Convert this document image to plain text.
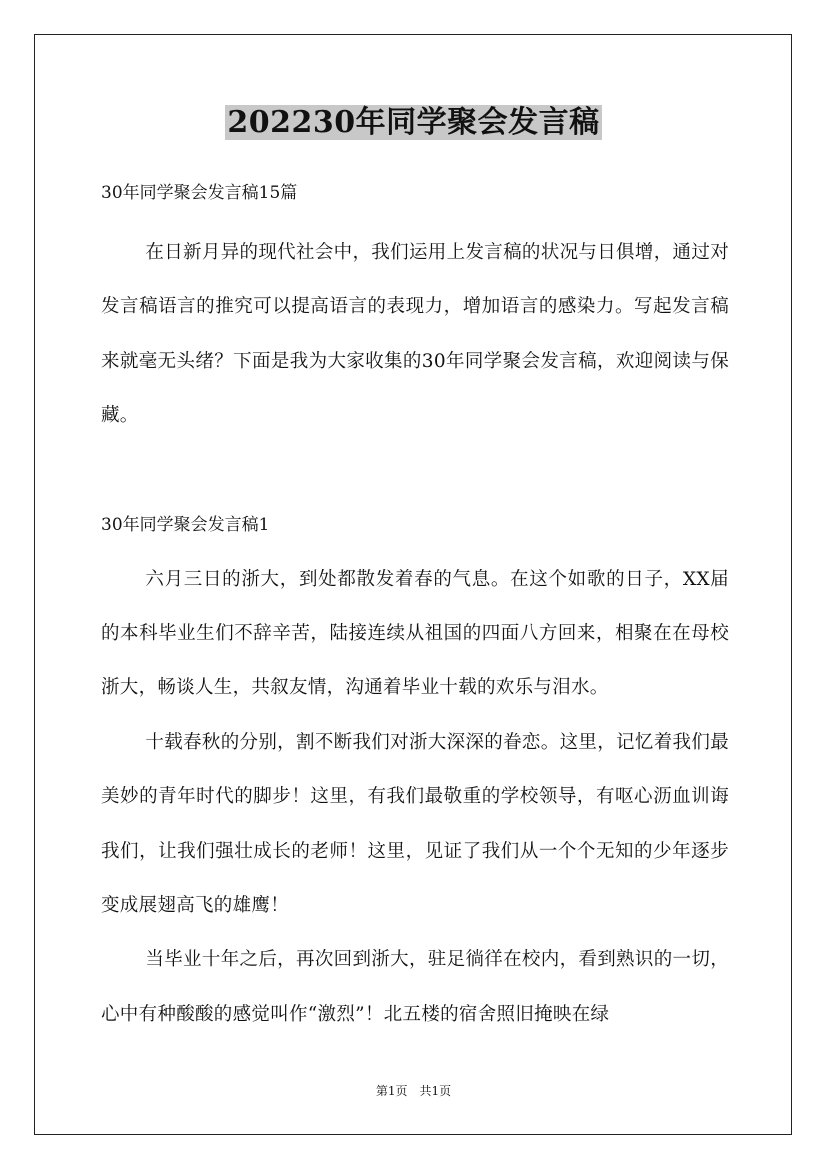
202230年同学聚会发言稿

30年同学聚会发言稿15篇

在日新月异的现代社会中，我们运用上发言稿的状况与日俱增，通过对发言稿语言的推究可以提高语言的表现力，增加语言的感染力。写起发言稿来就毫无头绪？下面是我为大家收集的30年同学聚会发言稿，欢迎阅读与保藏。

30年同学聚会发言稿1

六月三日的浙大，到处都散发着春的气息。在这个如歌的日子，XX届的本科毕业生们不辞辛苦，陆接连续从祖国的四面八方回来，相聚在在母校浙大，畅谈人生，共叙友情，沟通着毕业十载的欢乐与泪水。

十载春秋的分别，割不断我们对浙大深深的眷恋。这里，记忆着我们最美妙的青年时代的脚步！这里，有我们最敬重的学校领导，有呕心沥血训诲我们，让我们强壮成长的老师！这里，见证了我们从一个个无知的少年逐步变成展翅高飞的雄鹰！

当毕业十年之后，再次回到浙大，驻足徜徉在校内，看到熟识的一切，心中有种酸酸的感觉叫作“激烈”！北五楼的宿舍照旧掩映在绿

第1页　共1页
